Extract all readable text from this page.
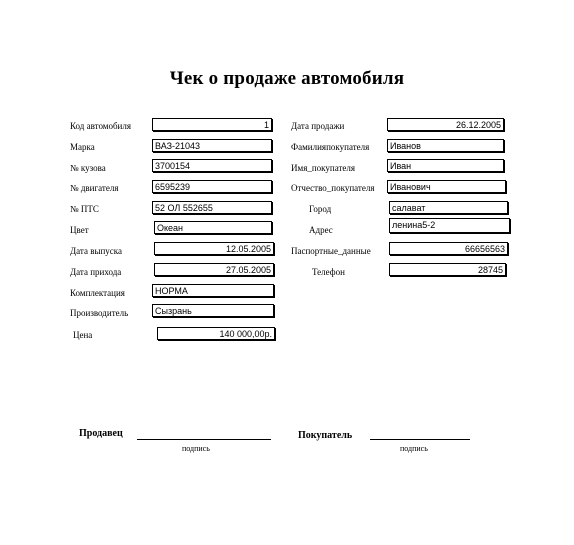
Чек о продаже автомобиля
Код автомобиля	1
Марка	ВАЗ-21043
№ кузова	3700154
№ двигателя	6595239
№ ПТС	52 ОЛ 552655
Цвет	Океан
Дата выпуска	12.05.2005
Дата прихода	27.05.2005
Комплектация	НОРМА
Производитель	Сызрань
Цена	140 000,00р.
Дата продажи	26.12.2005
Фамилияпокупателя	Иванов
Имя_покупателя	Иван
Отчество_покупателя	Иванович
Город	салават
Адрес	ленина5-2
Паспортные_данные	66656563
Телефон	28745
Продавец
подпись
Покупатель
подпись
